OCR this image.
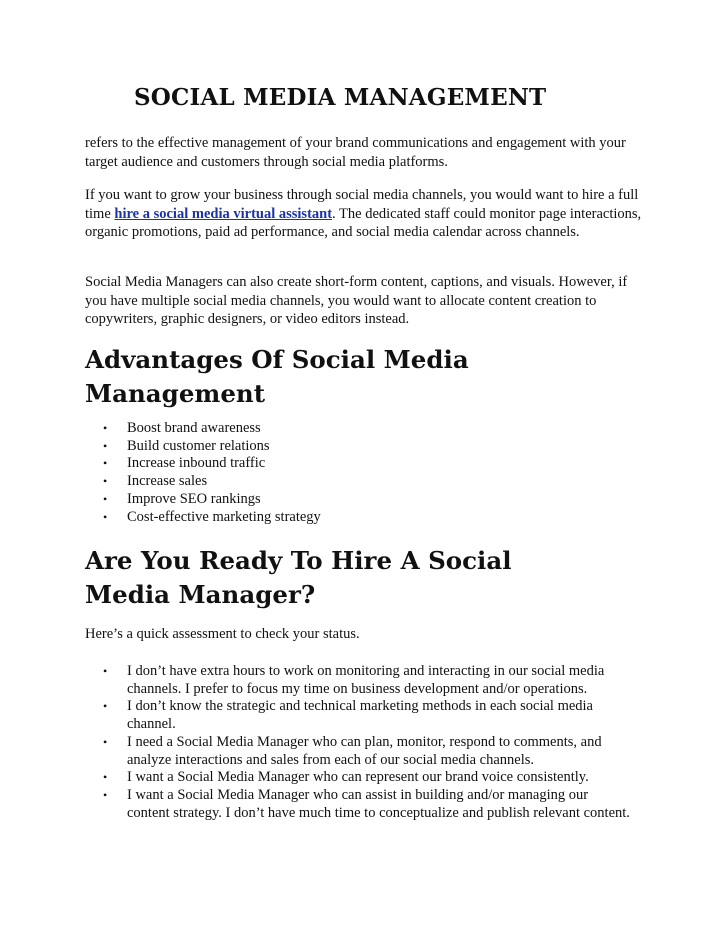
SOCIAL MEDIA MANAGEMENT

refers to the effective management of your brand communications and engagement with your target audience and customers through social media platforms.

If you want to grow your business through social media channels, you would want to hire a full time hire a social media virtual assistant. The dedicated staff could monitor page interactions, organic promotions, paid ad performance, and social media calendar across channels.

Social Media Managers can also create short-form content, captions, and visuals. However, if you have multiple social media channels, you would want to allocate content creation to copywriters, graphic designers, or video editors instead.

Advantages Of Social Media Management
• Boost brand awareness
• Build customer relations
• Increase inbound traffic
• Increase sales
• Improve SEO rankings
• Cost-effective marketing strategy
Are You Ready To Hire A Social Media Manager?

Here’s a quick assessment to check your status.

• I don’t have extra hours to work on monitoring and interacting in our social media channels. I prefer to focus my time on business development and/or operations.
• I don’t know the strategic and technical marketing methods in each social media channel.
• I need a Social Media Manager who can plan, monitor, respond to comments, and analyze interactions and sales from each of our social media channels.
• I want a Social Media Manager who can represent our brand voice consistently.
• I want a Social Media Manager who can assist in building and/or managing our content strategy. I don’t have much time to conceptualize and publish relevant content.
